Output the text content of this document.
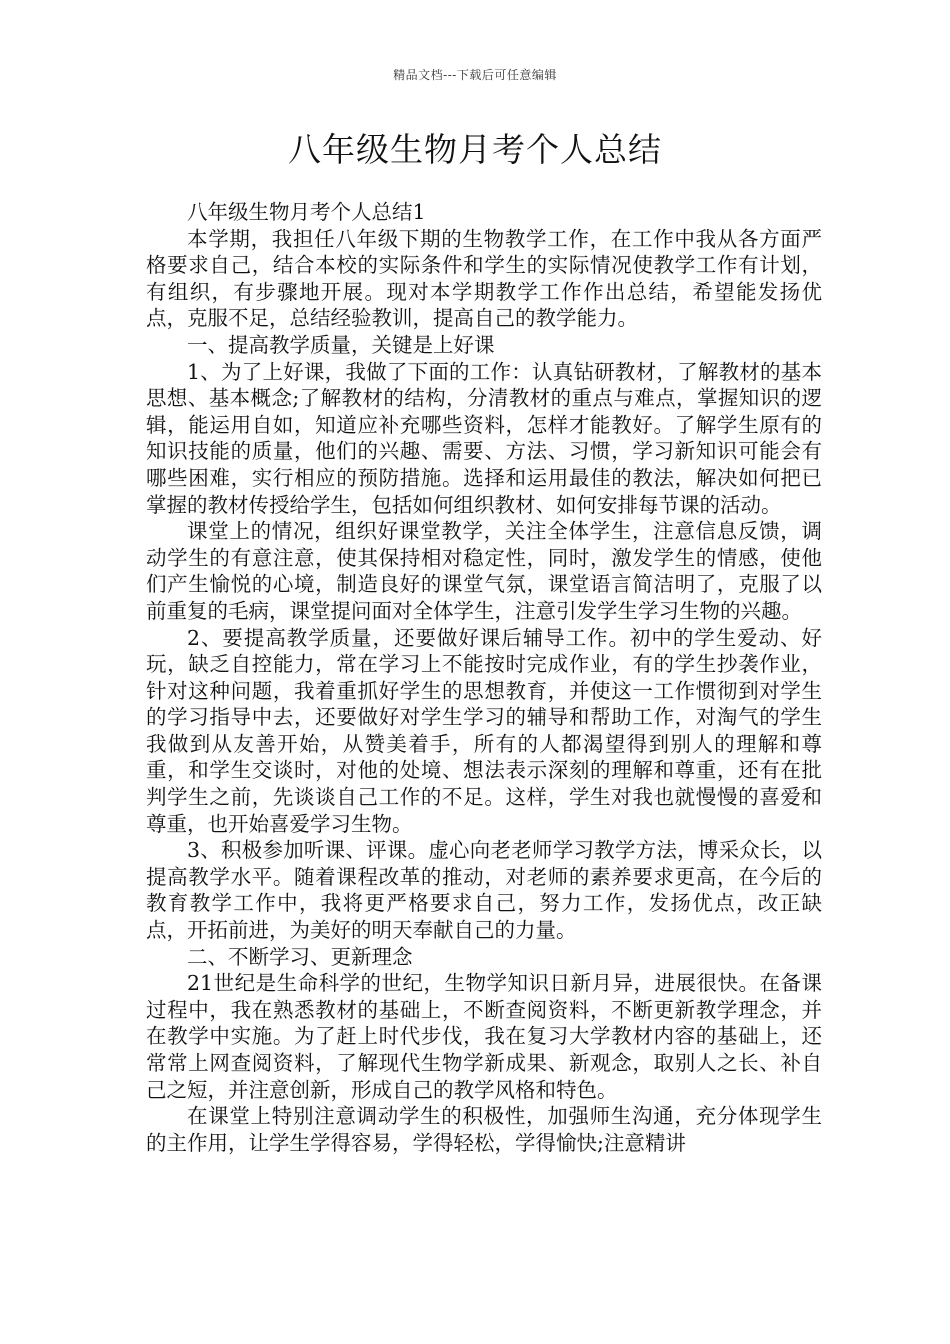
精品文档---下载后可任意编辑
八年级生物月考个人总结

八年级生物月考个人总结1

本学期，我担任八年级下期的生物教学工作，在工作中我从各方面严格要求自己，结合本校的实际条件和学生的实际情况使教学工作有计划，有组织，有步骤地开展。现对本学期教学工作作出总结，希望能发扬优点，克服不足，总结经验教训，提高自己的教学能力。

一、提高教学质量，关键是上好课

1、为了上好课，我做了下面的工作：认真钻研教材，了解教材的基本思想、基本概念;了解教材的结构，分清教材的重点与难点，掌握知识的逻辑，能运用自如，知道应补充哪些资料，怎样才能教好。了解学生原有的知识技能的质量，他们的兴趣、需要、方法、习惯，学习新知识可能会有哪些困难，实行相应的预防措施。选择和运用最佳的教法，解决如何把已掌握的教材传授给学生，包括如何组织教材、如何安排每节课的活动。

课堂上的情况，组织好课堂教学，关注全体学生，注意信息反馈，调动学生的有意注意，使其保持相对稳定性，同时，激发学生的情感，使他们产生愉悦的心境，制造良好的课堂气氛，课堂语言简洁明了，克服了以前重复的毛病，课堂提问面对全体学生，注意引发学生学习生物的兴趣。

2、要提高教学质量，还要做好课后辅导工作。初中的学生爱动、好玩，缺乏自控能力，常在学习上不能按时完成作业，有的学生抄袭作业，针对这种问题，我着重抓好学生的思想教育，并使这一工作惯彻到对学生的学习指导中去，还要做好对学生学习的辅导和帮助工作，对淘气的学生我做到从友善开始，从赞美着手，所有的人都渴望得到别人的理解和尊重，和学生交谈时，对他的处境、想法表示深刻的理解和尊重，还有在批判学生之前，先谈谈自己工作的不足。这样，学生对我也就慢慢的喜爱和尊重，也开始喜爱学习生物。

3、积极参加听课、评课。虚心向老老师学习教学方法，博采众长，以提高教学水平。随着课程改革的推动，对老师的素养要求更高，在今后的教育教学工作中，我将更严格要求自己，努力工作，发扬优点，改正缺点，开拓前进，为美好的明天奉献自己的力量。

二、不断学习、更新理念

21世纪是生命科学的世纪，生物学知识日新月异，进展很快。在备课过程中，我在熟悉教材的基础上，不断查阅资料，不断更新教学理念，并在教学中实施。为了赶上时代步伐，我在复习大学教材内容的基础上，还常常上网查阅资料，了解现代生物学新成果、新观念，取别人之长、补自己之短，并注意创新，形成自己的教学风格和特色。

在课堂上特别注意调动学生的积极性，加强师生沟通，充分体现学生的主作用，让学生学得容易，学得轻松，学得愉快;注意精讲
